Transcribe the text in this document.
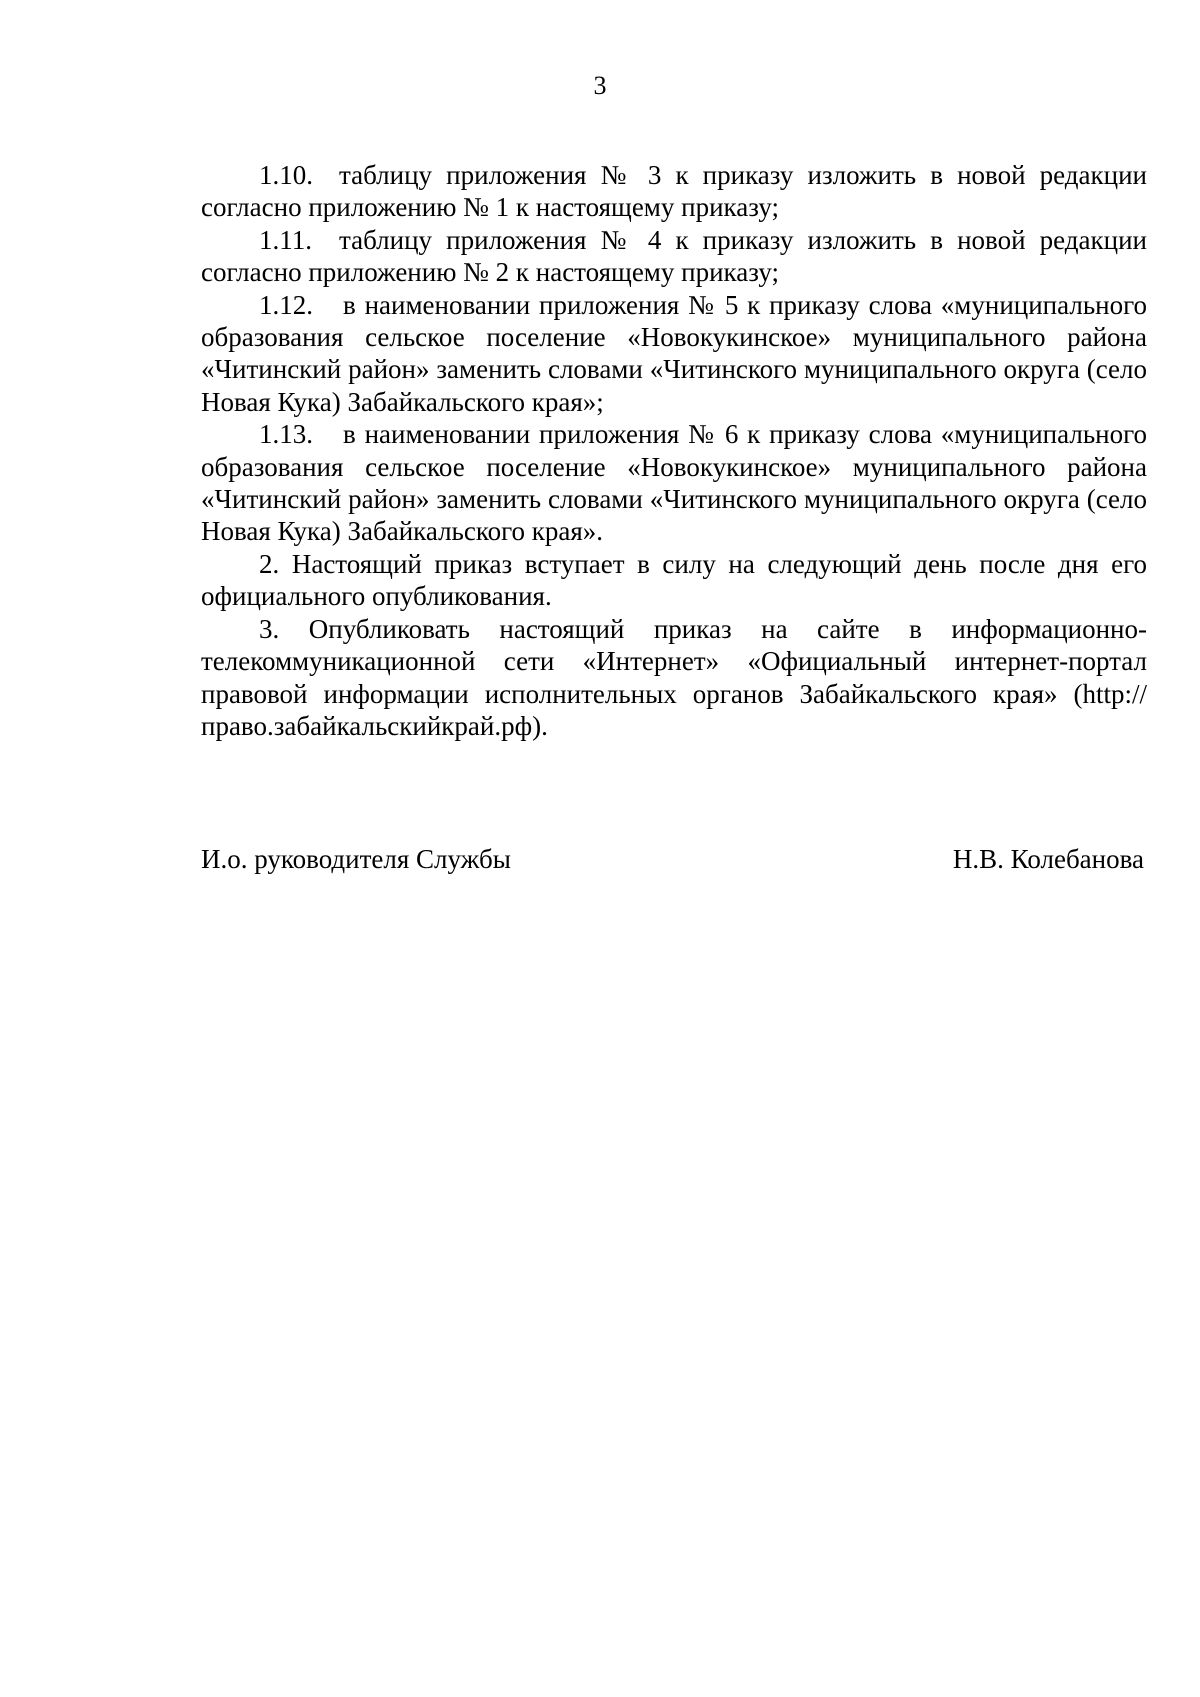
3

1.10. таблицу приложения № 3 к приказу изложить в новой редакции согласно приложению № 1 к настоящему приказу;

1.11. таблицу приложения № 4 к приказу изложить в новой редакции согласно приложению № 2 к настоящему приказу;

1.12. в наименовании приложения № 5 к приказу слова «муниципального образования сельское поселение «Новокукинское» муниципального района «Читинский район» заменить словами «Читинского муниципального округа (село Новая Кука) Забайкальского края»;

1.13. в наименовании приложения № 6 к приказу слова «муниципального образования сельское поселение «Новокукинское» муниципального района «Читинский район» заменить словами «Читинского муниципального округа (село Новая Кука) Забайкальского края».

2. Настоящий приказ вступает в силу на следующий день после дня его официального опубликования.

3. Опубликовать настоящий приказ на сайте в информационно-телекоммуникационной сети «Интернет» «Официальный интернет-портал правовой информации исполнительных органов Забайкальского края» (http://право.забайкальскийкрай.рф).

И.о. руководителя Службы	Н.В. Колебанова
